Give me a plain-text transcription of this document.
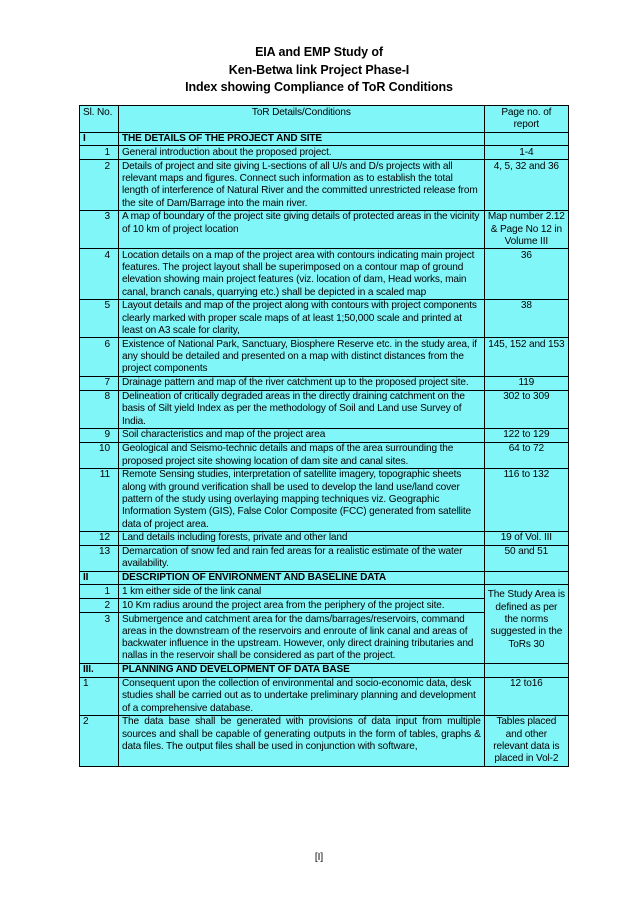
EIA and EMP Study of
Ken-Betwa link Project Phase-I
Index showing Compliance of ToR Conditions
Sl. No.	ToR Details/Conditions	Page no. of report
I	THE DETAILS OF THE PROJECT AND SITE	
1	General introduction about the proposed project.	1-4
2	Details of project and site giving L-sections of all U/s and D/s projects with all relevant maps and figures. Connect such information as to establish the total length of interference of Natural River and the committed unrestricted release from the site of Dam/Barrage into the main river.	4, 5, 32 and 36
3	A map of boundary of the project site giving details of protected areas in the vicinity of 10 km of project location	Map number 2.12 & Page No 12 in Volume III
4	Location details on a map of the project area with contours indicating main project features. The project layout shall be superimposed on a contour map of ground elevation showing main project features (viz. location of dam, Head works, main canal, branch canals, quarrying etc.) shall be depicted in a scaled map	36
5	Layout details and map of the project along with contours with project components clearly marked with proper scale maps of at least 1;50,000 scale and printed at least on A3 scale for clarity,	38
6	Existence of National Park, Sanctuary, Biosphere Reserve etc. in the study area, if any should be detailed and presented on a map with distinct distances from the project components	145, 152 and 153
7	Drainage pattern and map of the river catchment up to the proposed project site.	119
8	Delineation of critically degraded areas in the directly draining catchment on the basis of Silt yield Index as per the methodology of Soil and Land use Survey of India.	302 to 309
9	Soil characteristics and map of the project area	122 to 129
10	Geological and Seismo-technic details and maps of the area surrounding the proposed project site showing location of dam site and canal sites.	64 to 72
11	Remote Sensing studies, interpretation of satellite imagery, topographic sheets along with ground verification shall be used to develop the land use/land cover pattern of the study using overlaying mapping techniques viz. Geographic Information System (GIS), False Color Composite (FCC) generated from satellite data of project area.	116 to 132
12	Land details including forests, private and other land	19 of Vol. III
13	Demarcation of snow fed and rain fed areas for a realistic estimate of the water availability.	50 and 51
II	DESCRIPTION OF ENVIRONMENT AND BASELINE DATA	
1	1 km either side of the link canal	The Study Area is defined as per the norms suggested in the ToRs 30
2	10 Km radius around the project area from the periphery of the project site.	
3	Submergence and catchment area for the dams/barrages/reservoirs, command areas in the downstream of the reservoirs and enroute of link canal and areas of backwater influence in the upstream. However, only direct draining tributaries and nallas in the reservoir shall be considered as part of the project.	
III.	PLANNING AND DEVELOPMENT OF DATA BASE	
1	Consequent upon the collection of environmental and socio-economic data, desk studies shall be carried out as to undertake preliminary planning and development of a comprehensive database.	12 to16
2	The data base shall be generated with provisions of data input from multiple sources and shall be capable of generating outputs in the form of tables, graphs & data files. The output files shall be used in conjunction with software,	Tables placed and other relevant data is placed in Vol-2
[I]
